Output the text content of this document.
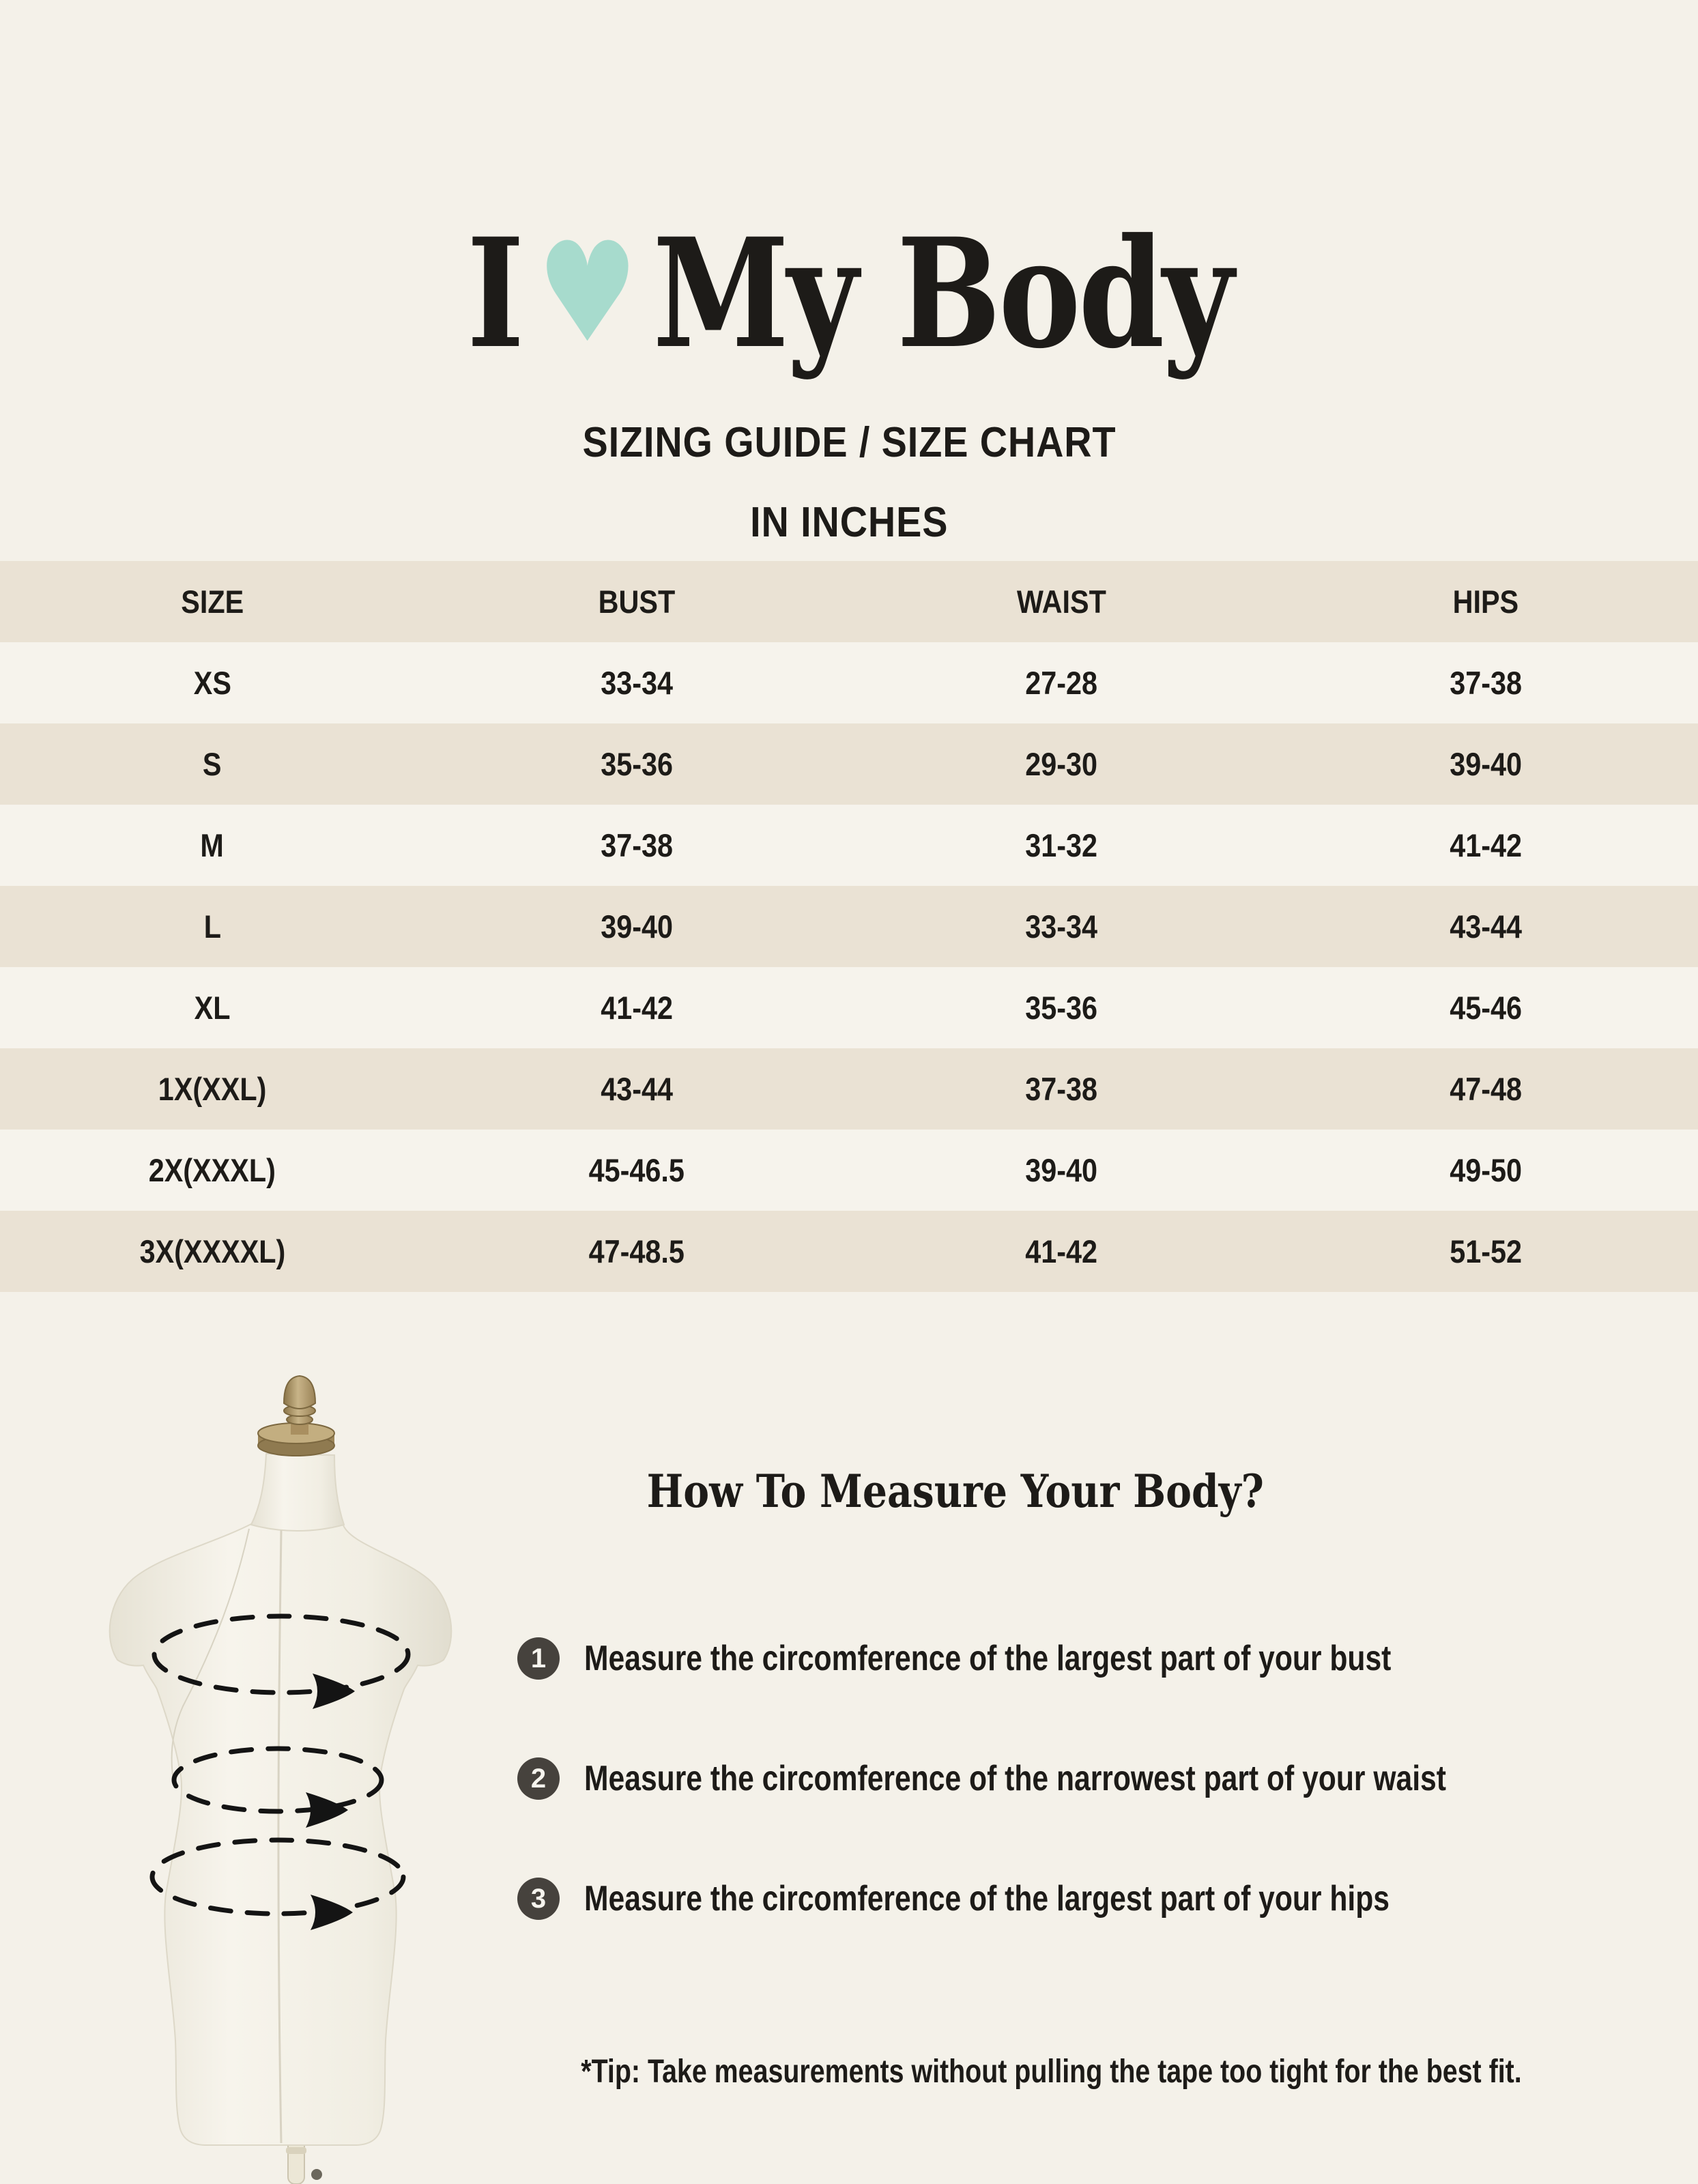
I ♥My Body
SIZING GUIDE / SIZE CHART
IN INCHES
SIZE	BUST	WAIST	HIPS
XS	33-34	27-28	37-38
S	35-36	29-30	39-40
M	37-38	31-32	41-42
L	39-40	33-34	43-44
XL	41-42	35-36	45-46
1X(XXL)	43-44	37-38	47-48
2X(XXXL)	45-46.5	39-40	49-50
3X(XXXXL)	47-48.5	41-42	51-52
How To Measure Your Body?
1	Measure the circomference of the largest part of your bust
2	Measure the circomference of the narrowest part of your waist
3	Measure the circomference of the largest part of your hips
*Tip: Take measurements without pulling the tape too tight for the best fit.
